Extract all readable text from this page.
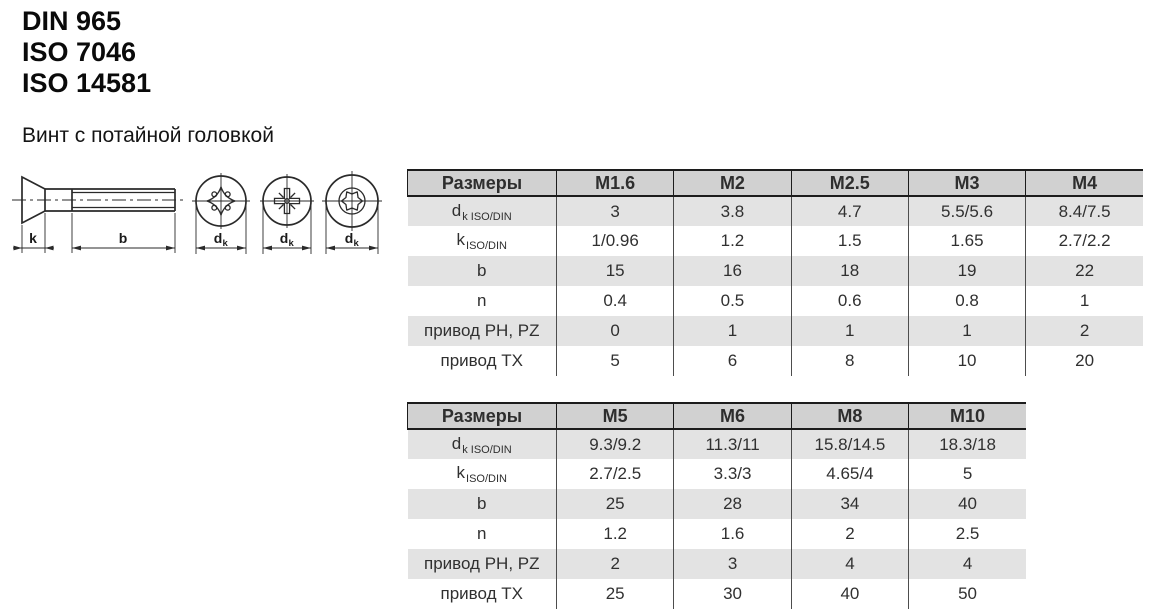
DIN 965
ISO 7046
ISO 14581
Винт с потайной головкой
k	b	d k	d k	d k
Размеры	M1.6	M2	M2.5	M3	M4
$d_{k ISO/DIN}$	3	3.8	4.7	5.5/5.6	8.4/7.5
$k_{ISO/DIN}$	1/0.96	1.2	1.5	1.65	2.7/2.2
b	15	16	18	19	22
n	0.4	0.5	0.6	0.8	1
привод PH, PZ	0	1	1	1	2
привод TX	5	6	8	10	20
Размеры	M5	M6	M8	M10
$d_{k ISO/DIN}$	9.3/9.2	11.3/11	15.8/14.5	18.3/18
$k_{ISO/DIN}$	2.7/2.5	3.3/3	4.65/4	5
b	25	28	34	40
n	1.2	1.6	2	2.5
привод PH, PZ	2	3	4	4
привод TX	25	30	40	50
